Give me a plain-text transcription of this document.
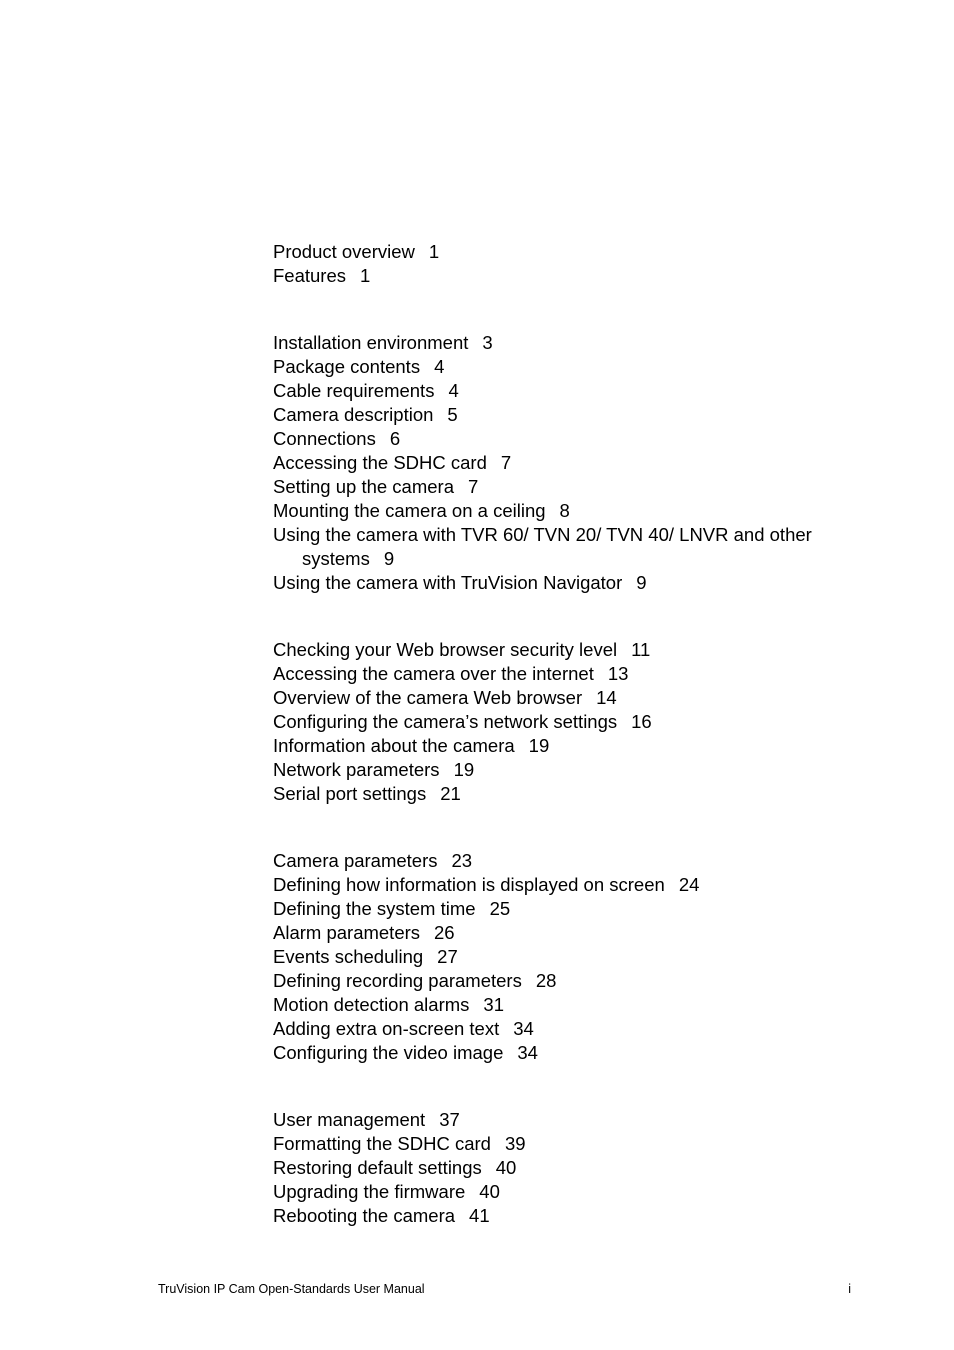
Product overview 1
Features 1
Installation environment 3
Package contents 4
Cable requirements 4
Camera description 5
Connections 6
Accessing the SDHC card 7
Setting up the camera 7
Mounting the camera on a ceiling 8
Using the camera with TVR 60/ TVN 20/ TVN 40/ LNVR and other systems 9
Using the camera with TruVision Navigator 9
Checking your Web browser security level 11
Accessing the camera over the internet 13
Overview of the camera Web browser 14
Configuring the camera’s network settings 16
Information about the camera 19
Network parameters 19
Serial port settings 21
Camera parameters 23
Defining how information is displayed on screen 24
Defining the system time 25
Alarm parameters 26
Events scheduling 27
Defining recording parameters 28
Motion detection alarms 31
Adding extra on-screen text 34
Configuring the video image 34
User management 37
Formatting the SDHC card 39
Restoring default settings 40
Upgrading the firmware 40
Rebooting the camera 41
TruVision IP Cam Open-Standards User Manual	i
